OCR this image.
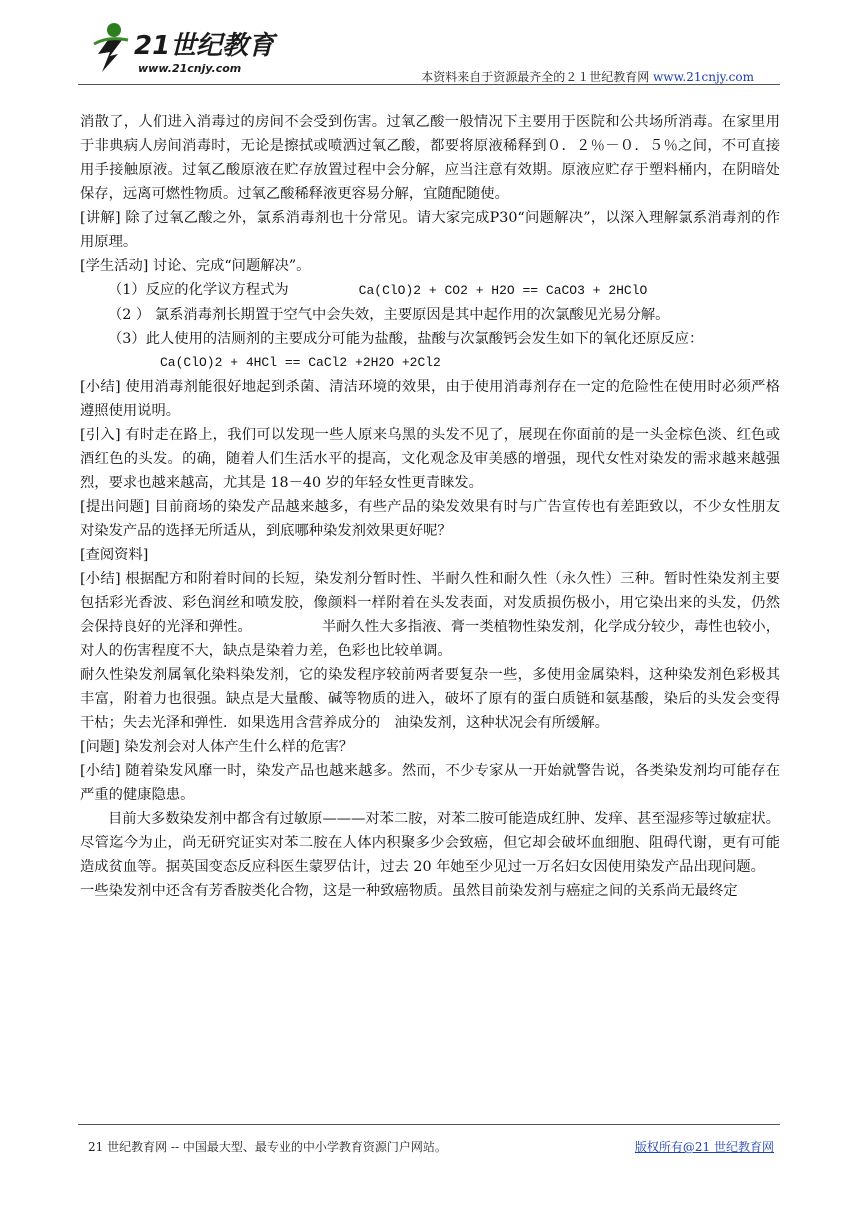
21世纪教育
www.21cnjy.com
本资料来自于资源最齐全的２１世纪教育网 www.21cnjy.com

消散了，人们进入消毒过的房间不会受到伤害。过氧乙酸一般情况下主要用于医院和公共场所消毒。在家里用于非典病人房间消毒时，无论是擦拭或喷洒过氧乙酸，都要将原液稀释到０．２％－０．５％之间，不可直接用手接触原液。过氧乙酸原液在贮存放置过程中会分解，应当注意有效期。原液应贮存于塑料桶内，在阴暗处保存，远离可燃性物质。过氧乙酸稀释液更容易分解，宜随配随使。

[讲解] 除了过氧乙酸之外，氯系消毒剂也十分常见。请大家完成P30“问题解决”，以深入理解氯系消毒剂的作用原理。

[学生活动] 讨论、完成“问题解决”。

（1）反应的化学议方程式为	Ca(ClO)2 + CO2 + H2O == CaCO3 + 2HClO

（2 ） 氯系消毒剂长期置于空气中会失效，主要原因是其中起作用的次氯酸见光易分解。

（3）此人使用的洁厕剂的主要成分可能为盐酸，盐酸与次氯酸钙会发生如下的氧化还原反应：

Ca(ClO)2 + 4HCl == CaCl2 +2H2O +2Cl2

[小结] 使用消毒剂能很好地起到杀菌、清洁环境的效果，由于使用消毒剂存在一定的危险性在使用时必须严格遵照使用说明。

[引入] 有时走在路上，我们可以发现一些人原来乌黑的头发不见了，展现在你面前的是一头金棕色淡、红色或酒红色的头发。的确，随着人们生活水平的提高，文化观念及审美感的增强，现代女性对染发的需求越来越强烈，要求也越来越高，尤其是 18－40 岁的年轻女性更青睐发。

[提出问题] 目前商场的染发产品越来越多，有些产品的染发效果有时与广告宣传也有差距致以，不少女性朋友对染发产品的选择无所适从，到底哪种染发剂效果更好呢？

[查阅资料]

[小结] 根据配方和附着时间的长短，染发剂分暂时性、半耐久性和耐久性（永久性）三种。暂时性染发剂主要包括彩光香波、彩色润丝和喷发胶，像颜料一样附着在头发表面，对发质损伤极小，用它染出来的头发，仍然会保持良好的光泽和弹性。	半耐久性大多指液、膏一类植物性染发剂，化学成分较少，毒性也较小，对人的伤害程度不大，缺点是染着力差，色彩也比较单调。

耐久性染发剂属氧化染料染发剂，它的染发程序较前两者要复杂一些，多使用金属染料，这种染发剂色彩极其丰富，附着力也很强。缺点是大量酸、碱等物质的进入，破坏了原有的蛋白质链和氨基酸，染后的头发会变得干枯；失去光泽和弹性．如果选用含营养成分的　油染发剂，这种状况会有所缓解。

[问题] 染发剂会对人体产生什么样的危害？

[小结] 随着染发风靡一时，染发产品也越来越多。然而，不少专家从一开始就警告说，各类染发剂均可能存在严重的健康隐患。

目前大多数染发剂中都含有过敏原———对苯二胺，对苯二胺可能造成红肿、发痒、甚至湿疹等过敏症状。尽管迄今为止，尚无研究证实对苯二胺在人体内积聚多少会致癌，但它却会破坏血细胞、阻碍代谢，更有可能造成贫血等。据英国变态反应科医生蒙罗估计，过去 20 年她至少见过一万名妇女因使用染发产品出现问题。

一些染发剂中还含有芳香胺类化合物，这是一种致癌物质。虽然目前染发剂与癌症之间的关系尚无最终定

21 世纪教育网 -- 中国最大型、最专业的中小学教育资源门户网站。	版权所有@21 世纪教育网
